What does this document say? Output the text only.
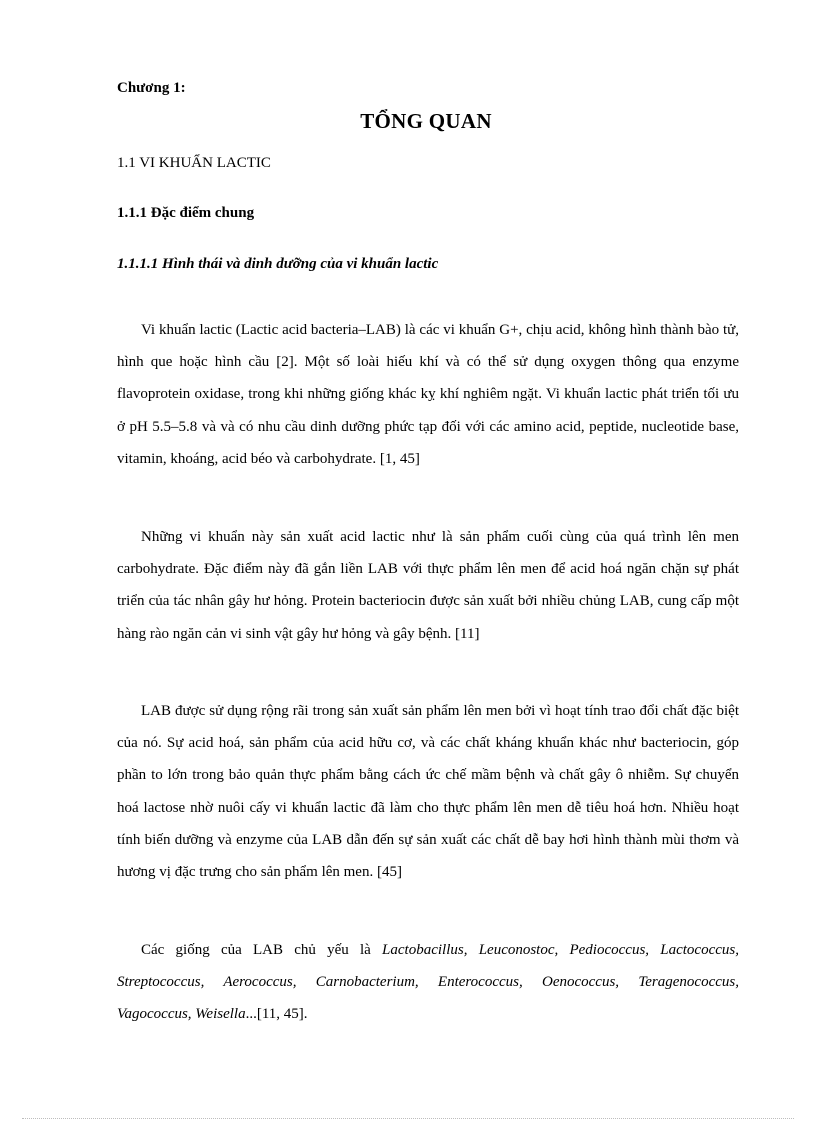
Chương 1:
TỔNG QUAN
1.1 VI KHUẨN LACTIC
1.1.1 Đặc điểm chung
1.1.1.1 Hình thái và dinh dưỡng của vi khuẩn lactic

Vi khuẩn lactic (Lactic acid bacteria–LAB) là các vi khuẩn G+, chịu acid, không hình thành bào tử, hình que hoặc hình cầu [2]. Một số loài hiếu khí và có thể sử dụng oxygen thông qua enzyme flavoprotein oxidase, trong khi những giống khác kỵ khí nghiêm ngặt. Vi khuẩn lactic phát triển tối ưu ở pH 5.5–5.8 và và có nhu cầu dinh dưỡng phức tạp đối với các amino acid, peptide, nucleotide base, vitamin, khoáng, acid béo và carbohydrate. [1, 45]

Những vi khuẩn này sản xuất acid lactic như là sản phẩm cuối cùng của quá trình lên men carbohydrate. Đặc điểm này đã gắn liền LAB với thực phẩm lên men để acid hoá ngăn chặn sự phát triển của tác nhân gây hư hỏng. Protein bacteriocin được sản xuất bởi nhiều chủng LAB, cung cấp một hàng rào ngăn cản vi sinh vật gây hư hỏng và gây bệnh. [11]

LAB được sử dụng rộng rãi trong sản xuất sản phẩm lên men bởi vì hoạt tính trao đổi chất đặc biệt của nó. Sự acid hoá, sản phẩm của acid hữu cơ, và các chất kháng khuẩn khác như bacteriocin, góp phần to lớn trong bảo quản thực phẩm bằng cách ức chế mầm bệnh và chất gây ô nhiễm. Sự chuyển hoá lactose nhờ nuôi cấy vi khuẩn lactic đã làm cho thực phẩm lên men dễ tiêu hoá hơn. Nhiều hoạt tính biến dưỡng và enzyme của LAB dẫn đến sự sản xuất các chất dễ bay hơi hình thành mùi thơm và hương vị đặc trưng cho sản phẩm lên men. [45]

Các giống của LAB chủ yếu là Lactobacillus, Leuconostoc, Pediococcus, Lactococcus, Streptococcus, Aerococcus, Carnobacterium, Enterococcus, Oenococcus, Teragenococcus, Vagococcus, Weisella...[11, 45].
